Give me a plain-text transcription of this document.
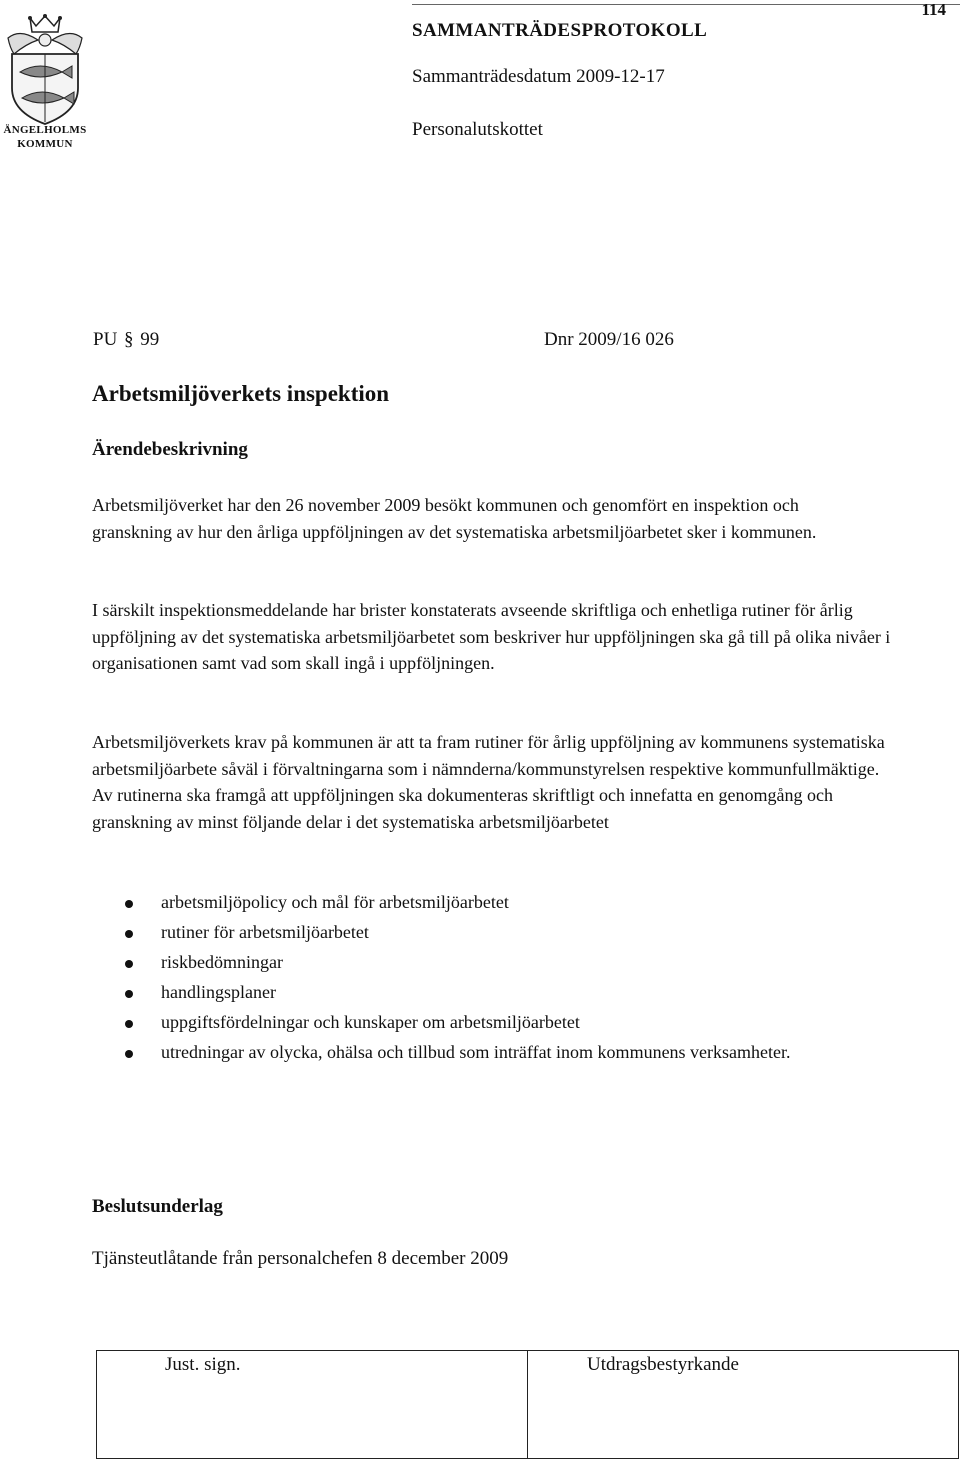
ÄNGELHOLMS
KOMMUN
114
SAMMANTRÄDESPROTOKOLL
Sammanträdesdatum 2009-12-17
Personalutskottet
PU § 99	Dnr 2009/16 026
Arbetsmiljöverkets inspektion
Ärendebeskrivning
Arbetsmiljöverket har den 26 november 2009 besökt kommunen och genomfört en inspektion och granskning av hur den årliga uppföljningen av det systematiska arbetsmiljöarbetet sker i kommunen.
I särskilt inspektionsmeddelande har brister konstaterats avseende skriftliga och enhetliga rutiner för årlig uppföljning av det systematiska arbetsmiljöarbetet som beskriver hur uppföljningen ska gå till på olika nivåer i organisationen samt vad som skall ingå i uppföljningen.
Arbetsmiljöverkets krav på kommunen är att ta fram rutiner för årlig uppföljning av kommunens systematiska arbetsmiljöarbete såväl i förvaltningarna som i nämnderna/kommunstyrelsen respektive kommunfullmäktige. Av rutinerna ska framgå att uppföljningen ska dokumenteras skriftligt och innefatta en genomgång och granskning av minst följande delar i det systematiska arbetsmiljöarbetet
arbetsmiljöpolicy och mål för arbetsmiljöarbetet
rutiner för arbetsmiljöarbetet
riskbedömningar
handlingsplaner
uppgiftsfördelningar och kunskaper om arbetsmiljöarbetet
utredningar av olycka, ohälsa och tillbud som inträffat inom kommunens verksamheter.
Beslutsunderlag
Tjänsteutlåtande från personalchefen 8 december 2009
Just. sign.	Utdragsbestyrkande
